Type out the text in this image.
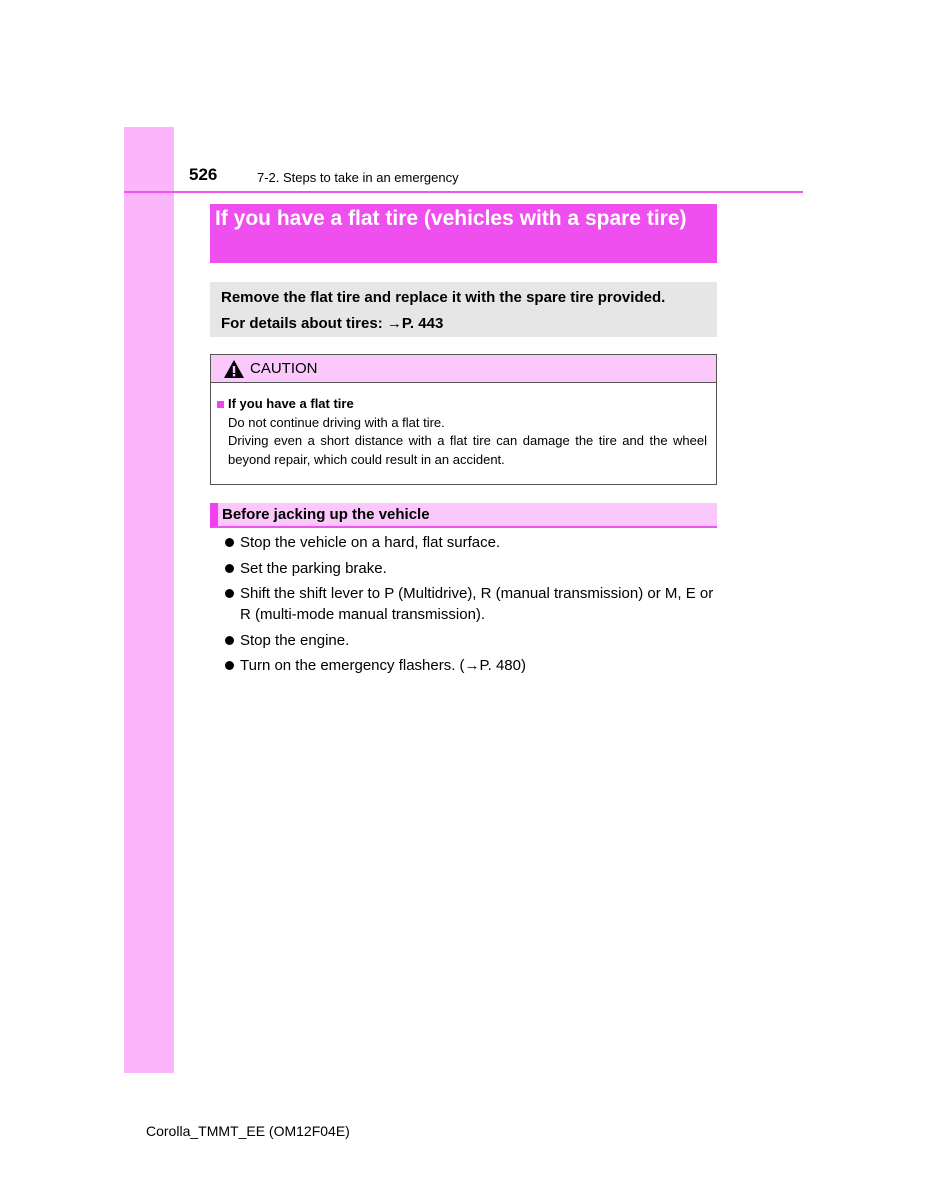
526	7-2. Steps to take in an emergency
If you have a flat tire (vehicles with a spare tire)
Remove the flat tire and replace it with the spare tire provided.
For details about tires: →P. 443
CAUTION
If you have a flat tire

Do not continue driving with a flat tire.

Driving even a short distance with a flat tire can damage the tire and the wheel beyond repair, which could result in an accident.

Before jacking up the vehicle
Stop the vehicle on a hard, flat surface.
Set the parking brake.
Shift the shift lever to P (Multidrive), R (manual transmission) or M, E or R (multi-mode manual transmission).
Stop the engine.
Turn on the emergency flashers. (→P. 480)
Corolla_TMMT_EE (OM12F04E)
